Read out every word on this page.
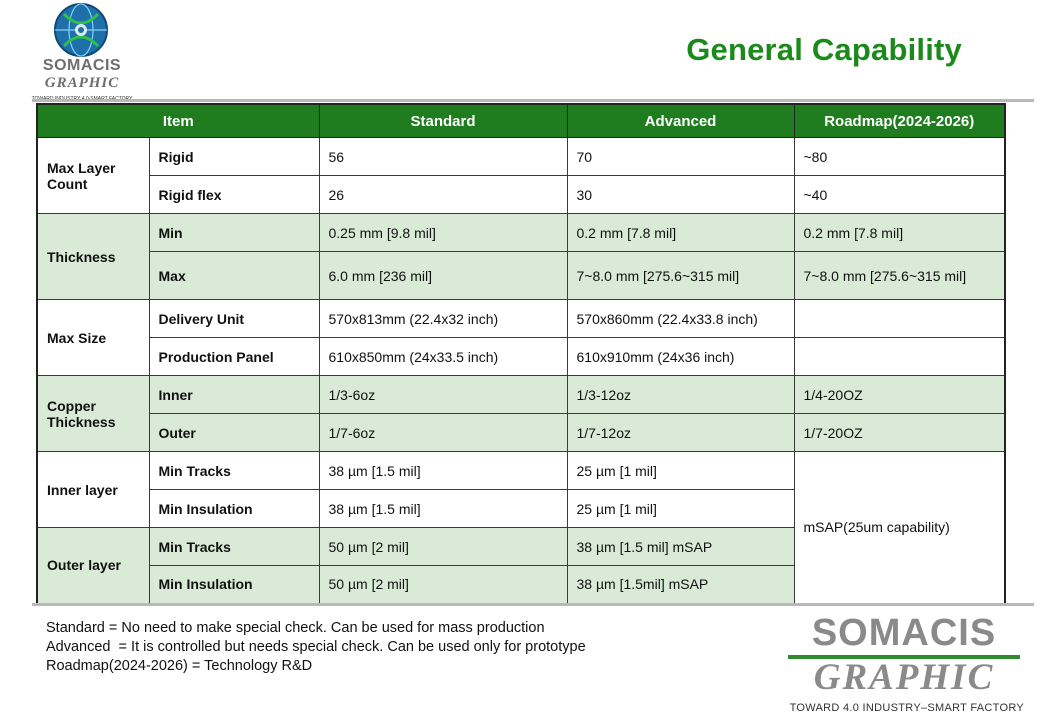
SOMACIS
GRAPHIC
General Capability
Item		Standard	Advanced	Roadmap(2024-2026)
Max Layer Count	Rigid	56	70	~80
	Rigid flex	26	30	~40
Thickness	Min	0.25 mm [9.8 mil]	0.2 mm [7.8 mil]	0.2 mm [7.8 mil]
	Max	6.0 mm [236 mil]	7~8.0 mm [275.6~315 mil]	7~8.0 mm [275.6~315 mil]
Max Size	Delivery Unit	570x813mm (22.4x32 inch)	570x860mm (22.4x33.8 inch)	
	Production Panel	610x850mm (24x33.5 inch)	610x910mm (24x36 inch)	
Copper Thickness	Inner	1/3-6oz	1/3-12oz	1/4-20OZ
	Outer	1/7-6oz	1/7-12oz	1/7-20OZ
Inner layer	Min Tracks	38 µm [1.5 mil]	25 µm [1 mil]	mSAP(25um capability)
	Min Insulation	38 µm [1.5 mil]	25 µm [1 mil]	
Outer layer	Min Tracks	50 µm [2 mil]	38 µm [1.5 mil] mSAP	
	Min Insulation	50 µm [2 mil]	38 µm [1.5mil] mSAP	
Standard = No need to make special check. Can be used for mass production
Advanced  = It is controlled but needs special check. Can be used only for prototype
Roadmap(2024-2026) = Technology R&D
SOMACIS
GRAPHIC
TOWARD 4.0 INDUSTRY–SMART FACTORY
